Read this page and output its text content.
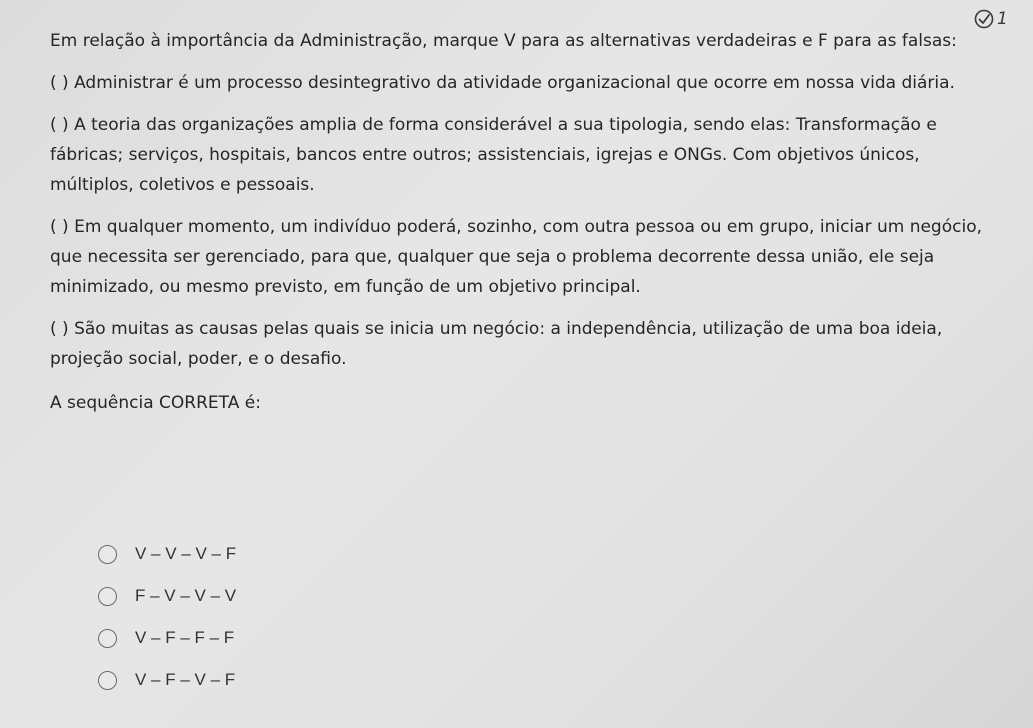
1

Em relação à importância da Administração, marque V para as alternativas verdadeiras e F para as falsas:

( ) Administrar é um processo desintegrativo da atividade organizacional que ocorre em nossa vida diária.

( ) A teoria das organizações amplia de forma considerável a sua tipologia, sendo elas: Transformação e fábricas; serviços, hospitais, bancos entre outros; assistenciais, igrejas e ONGs. Com objetivos únicos, múltiplos, coletivos e pessoais.

( ) Em qualquer momento, um indivíduo poderá, sozinho, com outra pessoa ou em grupo, iniciar um negócio, que necessita ser gerenciado, para que, qualquer que seja o problema decorrente dessa união, ele seja minimizado, ou mesmo previsto, em função de um objetivo principal.

( ) São muitas as causas pelas quais se inicia um negócio: a independência, utilização de uma boa ideia, projeção social, poder, e o desafio.

A sequência CORRETA é:

V – V – V – F
F – V – V – V
V – F – F – F
V – F – V – F
